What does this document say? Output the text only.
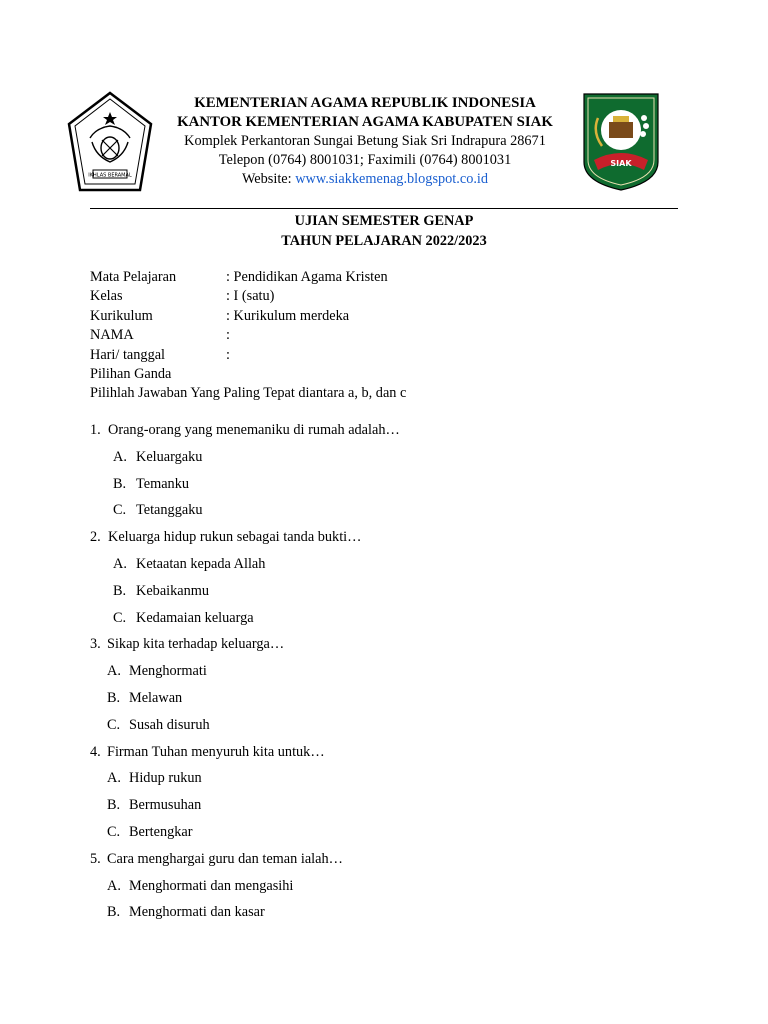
IKHLAS BERAMAL
KEMENTERIAN AGAMA REPUBLIK INDONESIA
KANTOR KEMENTERIAN AGAMA KABUPATEN SIAK
Komplek Perkantoran Sungai Betung Siak Sri Indrapura 28671
Telepon (0764) 8001031; Faximili (0764) 8001031
Website: www.siakkemenag.blogspot.co.id
SIAK
UJIAN SEMESTER GENAP
TAHUN PELAJARAN 2022/2023
Mata Pelajaran	: Pendidikan Agama Kristen
Kelas	: I (satu)
Kurikulum	: Kurikulum merdeka
NAMA	:
Hari/ tanggal	:
Pilihan Ganda
Pilihlah Jawaban Yang Paling Tepat diantara a, b, dan c
1. Orang-orang yang menemaniku di rumah adalah…
A. Keluargaku
B. Temanku
C. Tetanggaku
2. Keluarga hidup rukun sebagai tanda bukti…
A. Ketaatan kepada Allah
B. Kebaikanmu
C. Kedamaian keluarga
3. Sikap kita terhadap keluarga…
A. Menghormati
B. Melawan
C. Susah disuruh
4. Firman Tuhan menyuruh kita untuk…
A. Hidup rukun
B. Bermusuhan
C. Bertengkar
5. Cara menghargai guru dan teman ialah…
A. Menghormati dan mengasihi
B. Menghormati dan kasar
